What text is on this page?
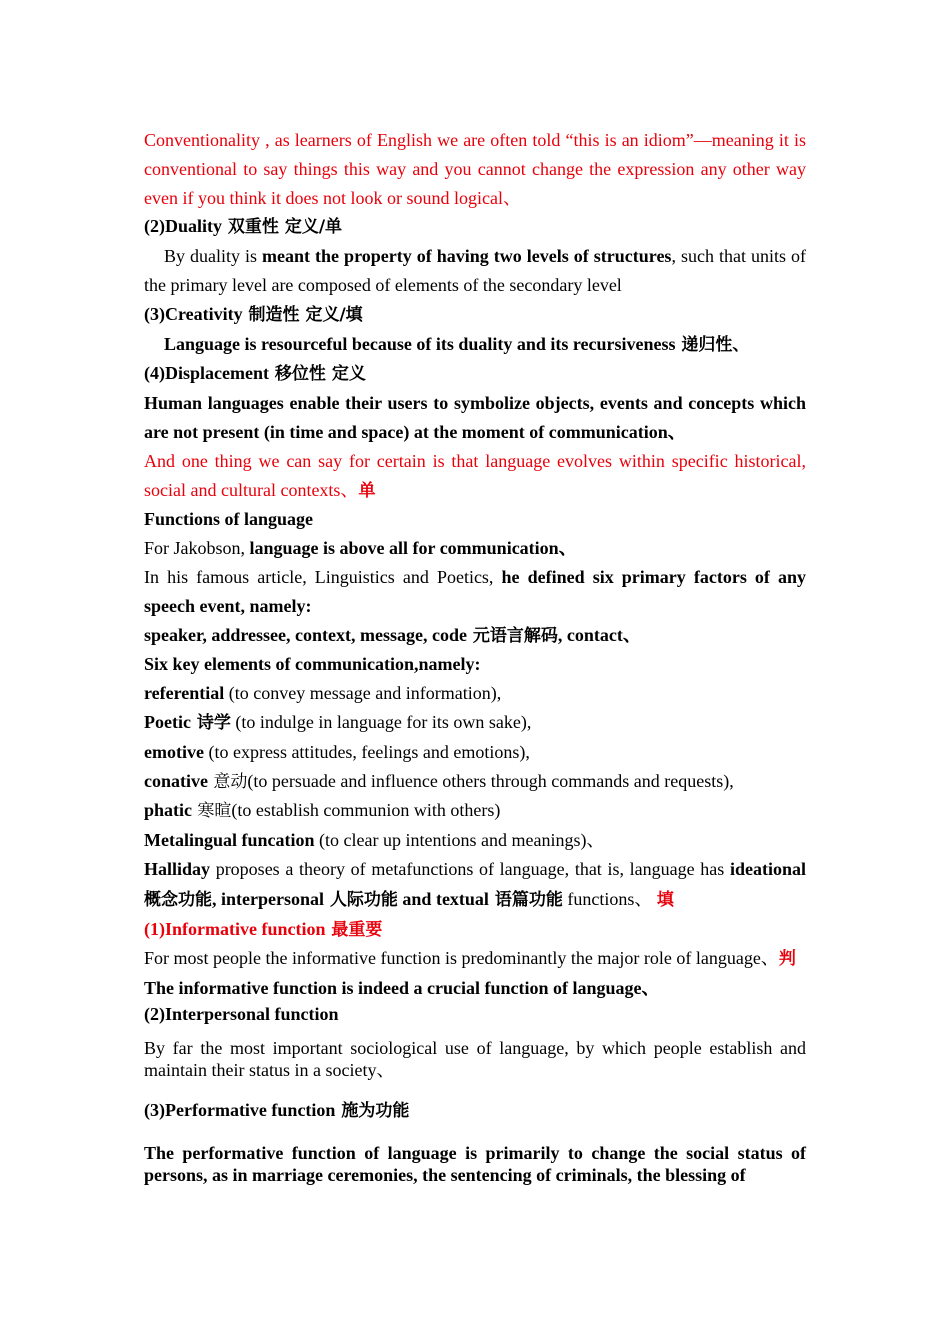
Conventionality , as learners of English we are often told “this is an idiom”—meaning it is conventional to say things this way and you cannot change the expression any other way even if you think it does not look or sound logical、

(2)Duality 双重性 定义/单

By duality is meant the property of having two levels of structures, such that units of the primary level are composed of elements of the secondary level

(3)Creativity 制造性 定义/填

Language is resourceful because of its duality and its recursiveness 递归性、

(4)Displacement 移位性 定义

Human languages enable their users to symbolize objects, events and concepts which are not present (in time and space) at the moment of communication、

And one thing we can say for certain is that language evolves within specific historical, social and cultural contexts、单

Functions of language

For Jakobson, language is above all for communication、

In his famous article, Linguistics and Poetics, he defined six primary factors of any speech event, namely:

speaker, addressee, context, message, code 元语言解码, contact、

Six key elements of communication,namely:

referential (to convey message and information),

Poetic 诗学 (to indulge in language for its own sake),

emotive (to express attitudes, feelings and emotions),

conative 意动(to persuade and influence others through commands and requests),

phatic 寒暄(to establish communion with others)

Metalingual funcation (to clear up intentions and meanings)、

Halliday proposes a theory of metafunctions of language, that is, language has ideational 概念功能, interpersonal 人际功能 and textual 语篇功能 functions、 填

(1)Informative function 最重要

For most people the informative function is predominantly the major role of language、判

The informative function is indeed a crucial function of language、

(2)Interpersonal function

By far the most important sociological use of language, by which people establish and maintain their status in a society、

(3)Performative function 施为功能

The performative function of language is primarily to change the social status of persons, as in marriage ceremonies, the sentencing of criminals, the blessing of
